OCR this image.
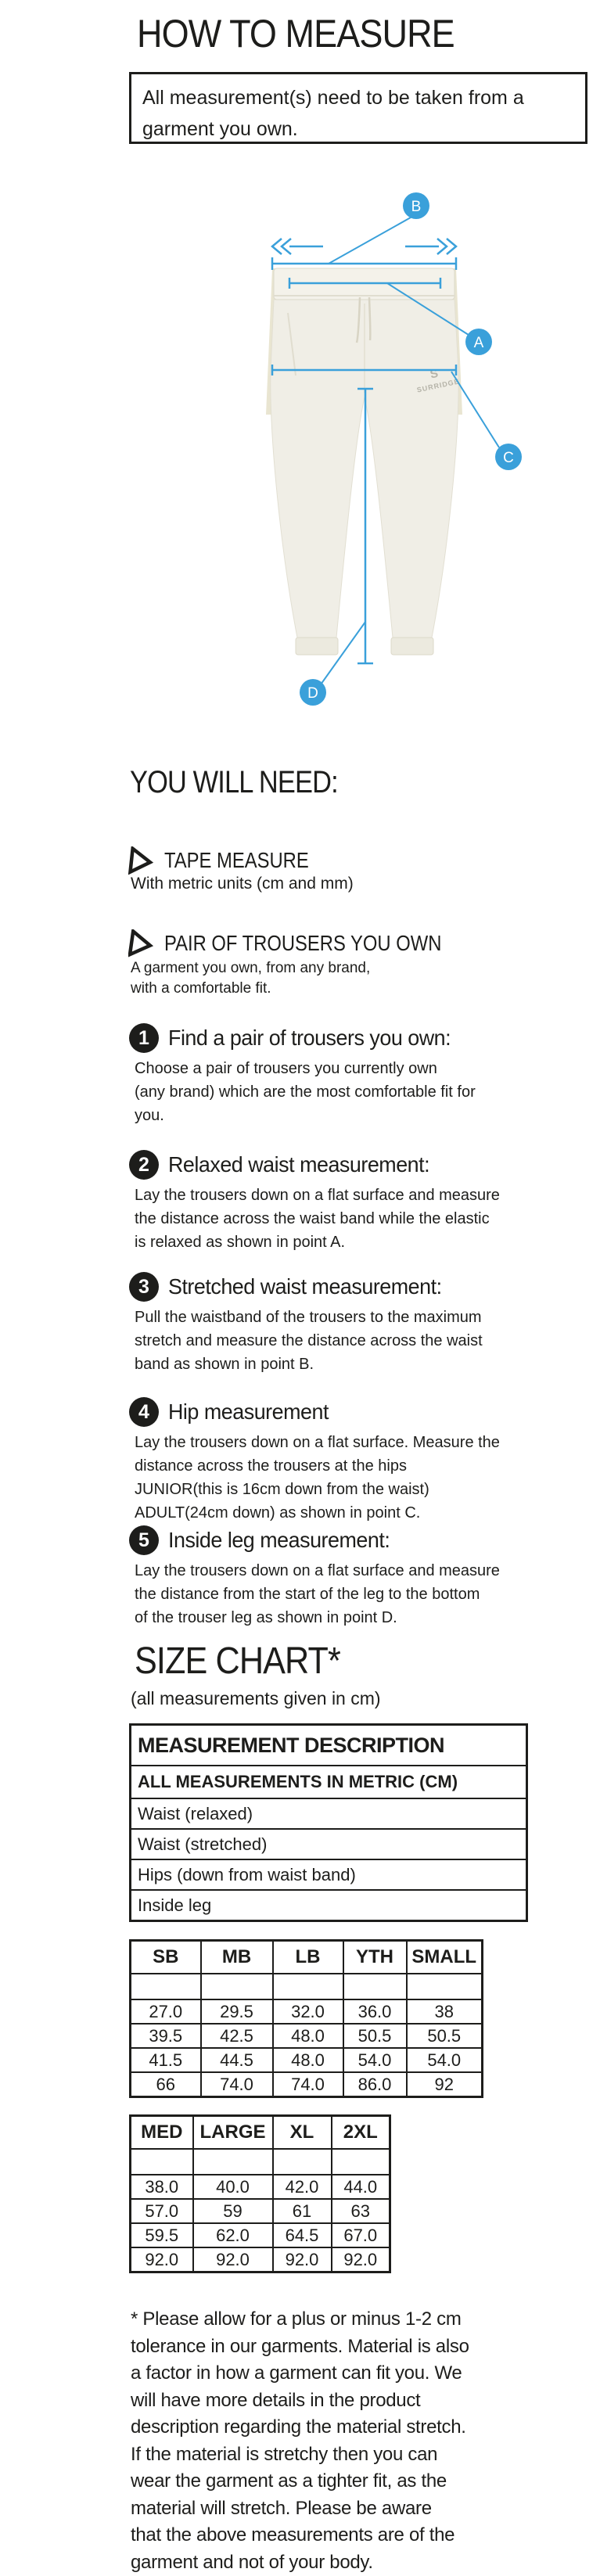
HOW TO MEASURE
All measurement(s) need to be taken from a
garment you own.
S
SURRIDGE
B
A
C
D
YOU WILL NEED:
TAPE MEASURE
With metric units (cm and mm)
PAIR OF TROUSERS YOU OWN
A garment you own, from any brand,
with a comfortable fit.
1 Find a pair of trousers you own:
Choose a pair of trousers you currently own
(any brand) which are the most comfortable fit for
you.
2 Relaxed waist measurement:
Lay the trousers down on a flat surface and measure
the distance across the waist band while the elastic
is relaxed as shown in point A.
3 Stretched waist measurement:
Pull the waistband of the trousers to the maximum
stretch and measure the distance across the waist
band as shown in point B.
4 Hip measurement
Lay the trousers down on a flat surface. Measure the
distance across the trousers at the hips
JUNIOR(this is 16cm down from the waist)
ADULT(24cm down) as shown in point C.
5 Inside leg measurement:
Lay the trousers down on a flat surface and measure
the distance from the start of the leg to the bottom
of the trouser leg as shown in point D.
SIZE CHART*
(all measurements given in cm)
MEASUREMENT DESCRIPTION
ALL MEASUREMENTS IN METRIC (CM)
Waist (relaxed)
Waist (stretched)
Hips (down from waist band)
Inside leg
SB	MB	LB	YTH	SMALL

27.0	29.5	32.0	36.0	38
39.5	42.5	48.0	50.5	50.5
41.5	44.5	48.0	54.0	54.0
66	74.0	74.0	86.0	92
MED	LARGE	XL	2XL

38.0	40.0	42.0	44.0
57.0	59	61	63
59.5	62.0	64.5	67.0
92.0	92.0	92.0	92.0
* Please allow for a plus or minus 1-2 cm
tolerance in our garments. Material is also
a factor in how a garment can fit you. We
will have more details in the product
description regarding the material stretch.
If the material is stretchy then you can
wear the garment as a tighter fit, as the
material will stretch. Please be aware
that the above measurements are of the
garment and not of your body.
